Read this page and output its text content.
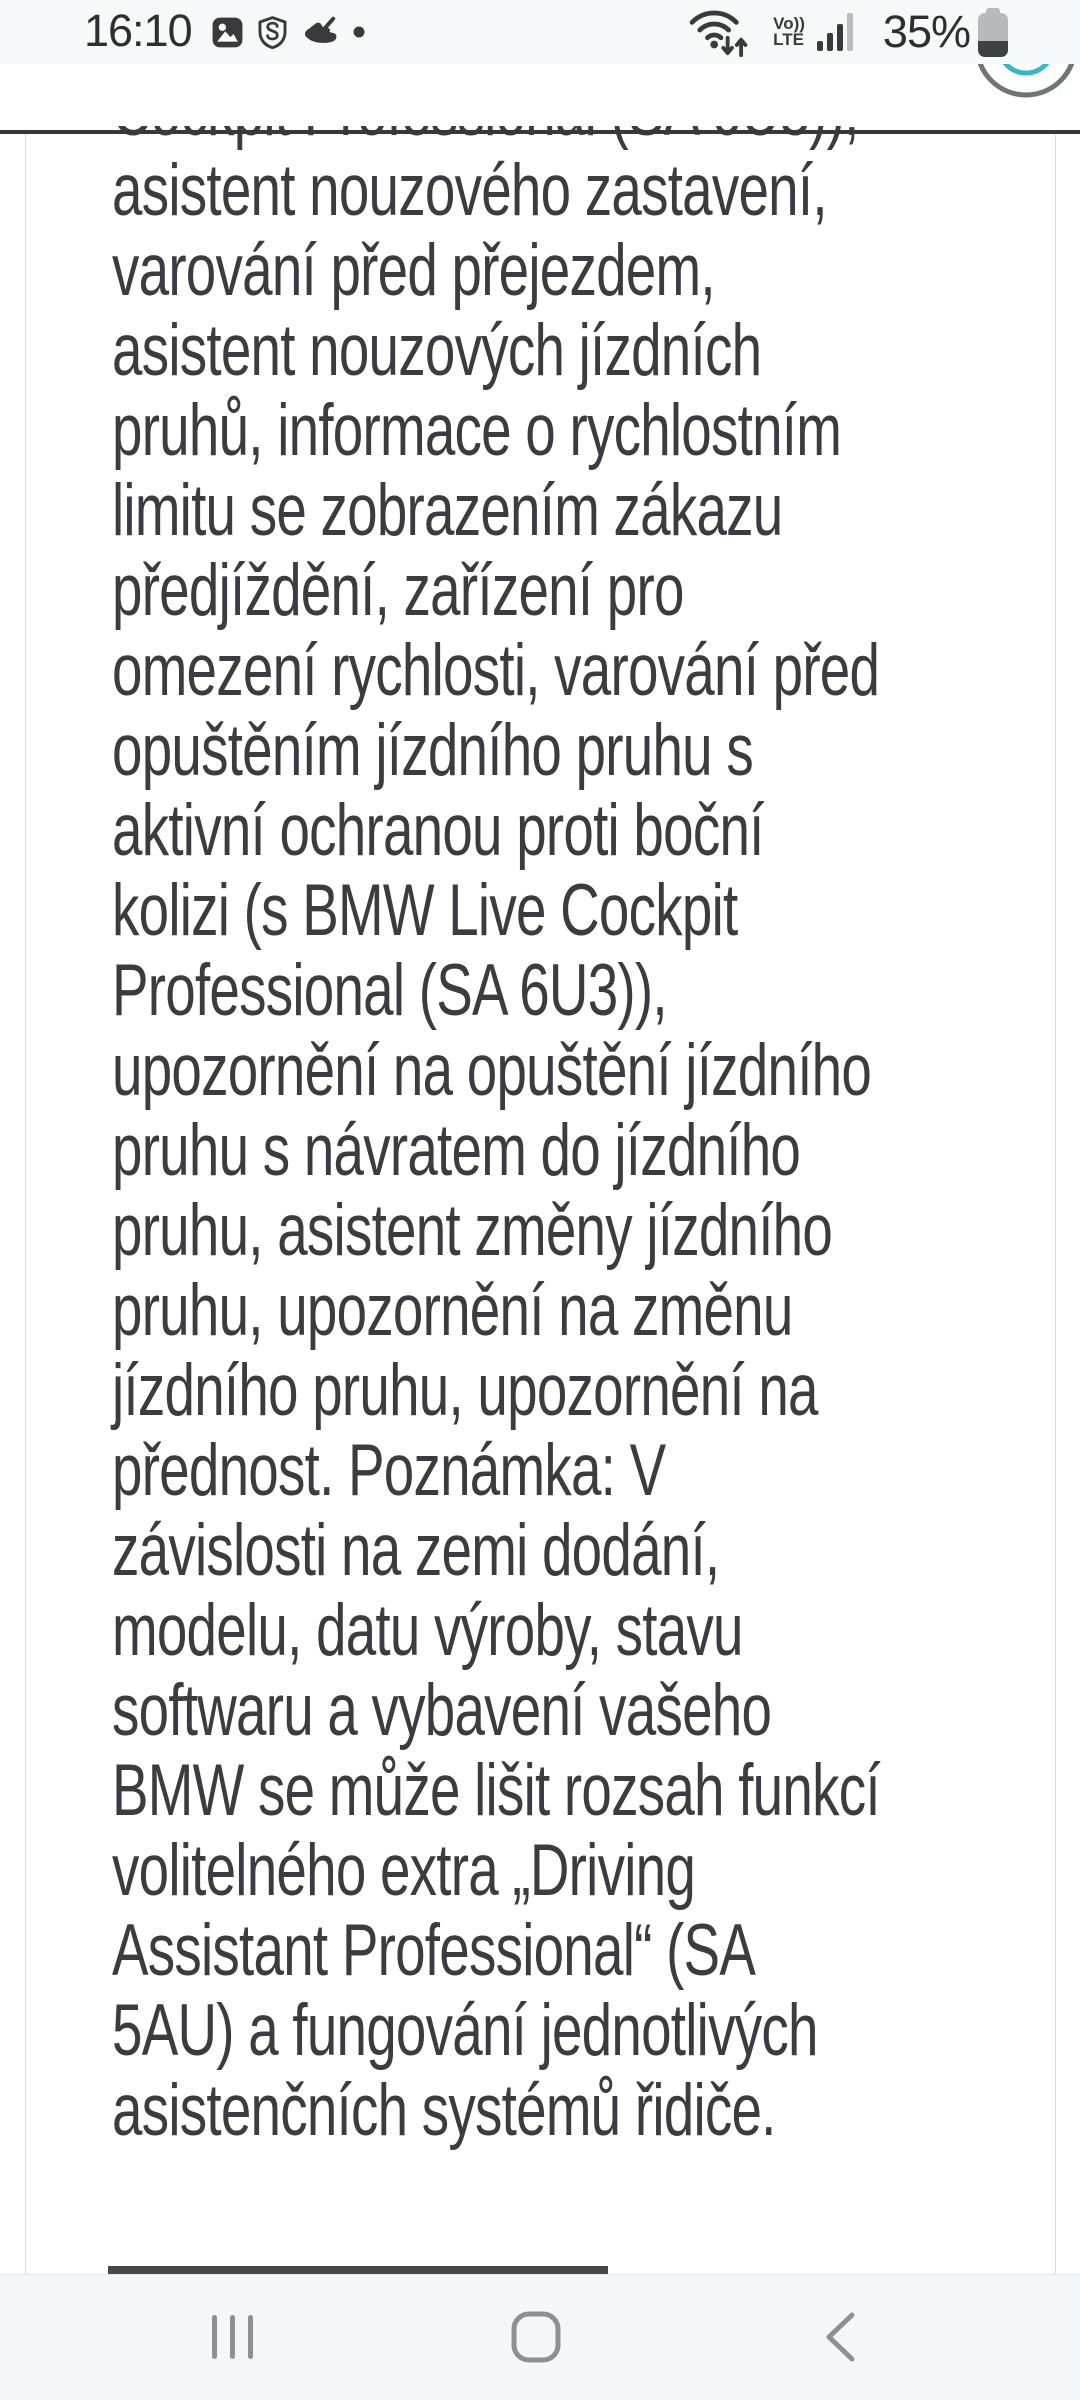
asistent nouzového zastavení,
varování před přejezdem,
asistent nouzových jízdních
pruhů, informace o rychlostním
limitu se zobrazením zákazu
předjíždění, zařízení pro
omezení rychlosti, varování před
opuštěním jízdního pruhu s
aktivní ochranou proti boční
kolizi (s BMW Live Cockpit
Professional (SA 6U3)),
upozornění na opuštění jízdního
pruhu s návratem do jízdního
pruhu, asistent změny jízdního
pruhu, upozornění na změnu
jízdního pruhu, upozornění na
přednost. Poznámka: V
závislosti na zemi dodání,
modelu, datu výroby, stavu
softwaru a vybavení vašeho
BMW se může lišit rozsah funkcí
volitelného extra „Driving
Assistant Professional“ (SA
5AU) a fungování jednotlivých
asistenčních systémů řidiče.
16:10	Vo))
LTE 35%
